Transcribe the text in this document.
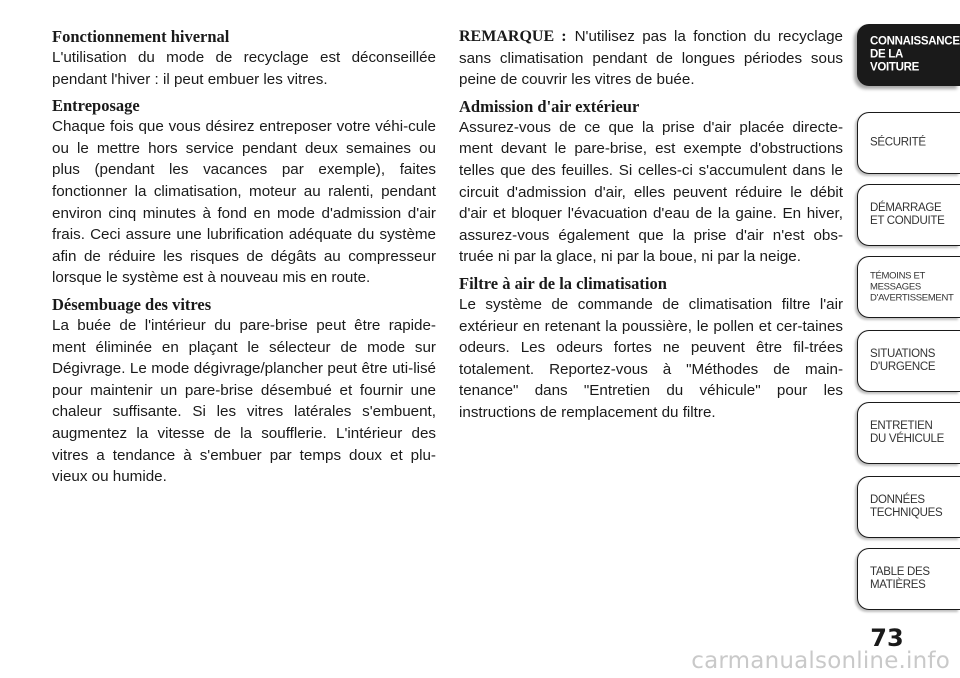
Fonctionnement hivernal

L'utilisation du mode de recyclage est déconseillée pendant l'hiver : il peut embuer les vitres.

Entreposage

Chaque fois que vous désirez entreposer votre véhi-cule ou le mettre hors service pendant deux semaines ou plus (pendant les vacances par exemple), faites fonctionner la climatisation, moteur au ralenti, pendant environ cinq minutes à fond en mode d'admission d'air frais. Ceci assure une lubrification adéquate du système afin de réduire les risques de dégâts au compresseur lorsque le système est à nouveau mis en route.

Désembuage des vitres

La buée de l'intérieur du pare-brise peut être rapide-ment éliminée en plaçant le sélecteur de mode sur Dégivrage. Le mode dégivrage/plancher peut être uti-lisé pour maintenir un pare-brise désembué et fournir une chaleur suffisante. Si les vitres latérales s'embuent, augmentez la vitesse de la soufflerie. L'intérieur des vitres a tendance à s'embuer par temps doux et plu-vieux ou humide.

REMARQUE : N'utilisez pas la fonction du recyclage sans climatisation pendant de longues périodes sous peine de couvrir les vitres de buée.

Admission d'air extérieur

Assurez-vous de ce que la prise d'air placée directe-ment devant le pare-brise, est exempte d'obstructions telles que des feuilles. Si celles-ci s'accumulent dans le circuit d'admission d'air, elles peuvent réduire le débit d'air et bloquer l'évacuation d'eau de la gaine. En hiver, assurez-vous également que la prise d'air n'est obs-truée ni par la glace, ni par la boue, ni par la neige.

Filtre à air de la climatisation

Le système de commande de climatisation filtre l'air extérieur en retenant la poussière, le pollen et cer-taines odeurs. Les odeurs fortes ne peuvent être fil-trées totalement. Reportez-vous à "Méthodes de main-tenance" dans "Entretien du véhicule" pour les instructions de remplacement du filtre.

CONNAISSANCE
DE LA VOITURE
SÉCURITÉ
DÉMARRAGE
ET CONDUITE
TÉMOINS ET
MESSAGES
D'AVERTISSEMENT
SITUATIONS
D'URGENCE
ENTRETIEN
DU VÉHICULE
DONNÉES
TECHNIQUES
TABLE DES
MATIÈRES
73
carmanualsonline.info
